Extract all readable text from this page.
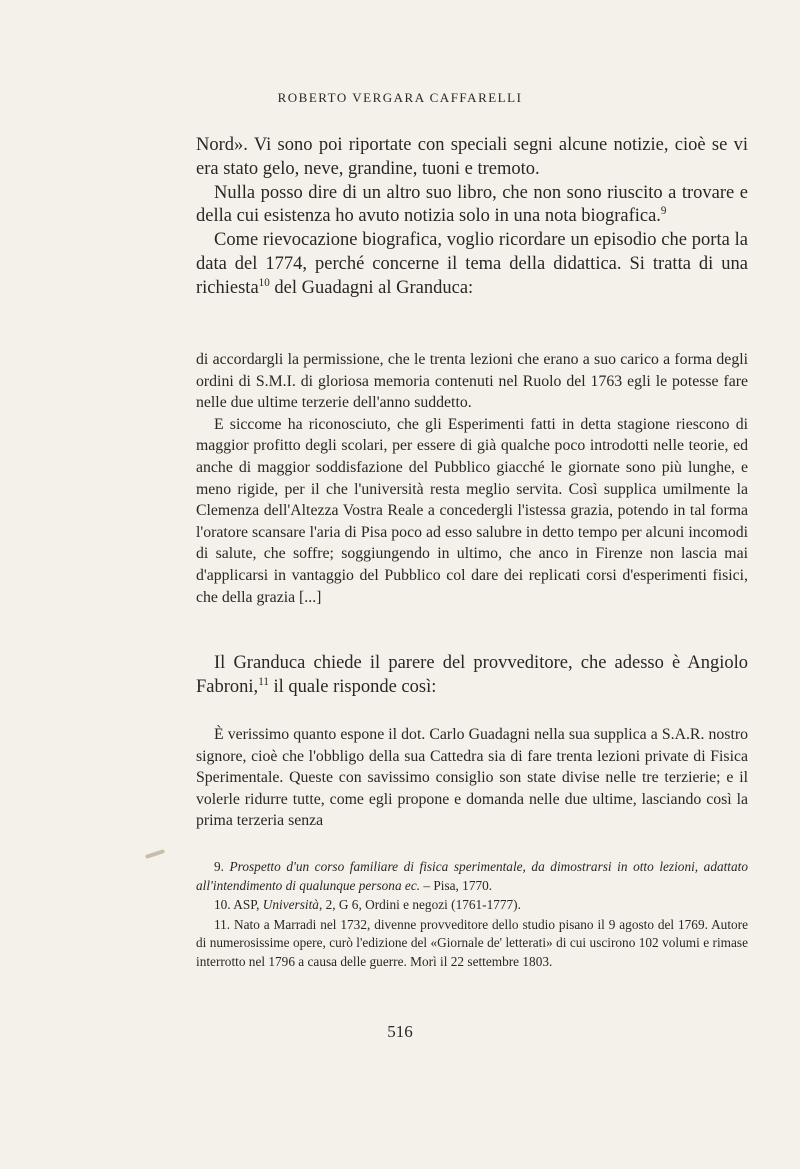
ROBERTO VERGARA CAFFARELLI

Nord». Vi sono poi riportate con speciali segni alcune notizie, cioè se vi era stato gelo, neve, grandine, tuoni e tremoto.

Nulla posso dire di un altro suo libro, che non sono riuscito a trovare e della cui esistenza ho avuto notizia solo in una nota biografica.$^9$

Come rievocazione biografica, voglio ricordare un episodio che porta la data del 1774, perché concerne il tema della didattica. Si tratta di una richiesta$^{10}$ del Guadagni al Granduca:

di accordargli la permissione, che le trenta lezioni che erano a suo carico a forma degli ordini di S.M.I. di gloriosa memoria contenuti nel Ruolo del 1763 egli le potesse fare nelle due ultime terzerie dell'anno suddetto.

E siccome ha riconosciuto, che gli Esperimenti fatti in detta stagione riescono di maggior profitto degli scolari, per essere di già qualche poco introdotti nelle teorie, ed anche di maggior soddisfazione del Pubblico giacché le giornate sono più lunghe, e meno rigide, per il che l'università resta meglio servita. Così supplica umilmente la Clemenza dell'Altezza Vostra Reale a concedergli l'istessa grazia, potendo in tal forma l'oratore scansare l'aria di Pisa poco ad esso salubre in detto tempo per alcuni incomodi di salute, che soffre; soggiungendo in ultimo, che anco in Firenze non lascia mai d'applicarsi in vantaggio del Pubblico col dare dei replicati corsi d'esperimenti fisici, che della grazia [...]

Il Granduca chiede il parere del provveditore, che adesso è Angiolo Fabroni,$^{11}$ il quale risponde così:

È verissimo quanto espone il dot. Carlo Guadagni nella sua supplica a S.A.R. nostro signore, cioè che l'obbligo della sua Cattedra sia di fare trenta lezioni private di Fisica Sperimentale. Queste con savissimo consiglio son state divise nelle tre terzierie; e il volerle ridurre tutte, come egli propone e domanda nelle due ultime, lasciando così la prima terzeria senza

9. Prospetto d'un corso familiare di fisica sperimentale, da dimostrarsi in otto lezioni, adattato all'intendimento di qualunque persona ec. – Pisa, 1770.

10. ASP, Università, 2, G 6, Ordini e negozi (1761-1777).

11. Nato a Marradi nel 1732, divenne provveditore dello studio pisano il 9 agosto del 1769. Autore di numerosissime opere, curò l'edizione del «Giornale de' letterati» di cui uscirono 102 volumi e rimase interrotto nel 1796 a causa delle guerre. Morì il 22 settembre 1803.

516
